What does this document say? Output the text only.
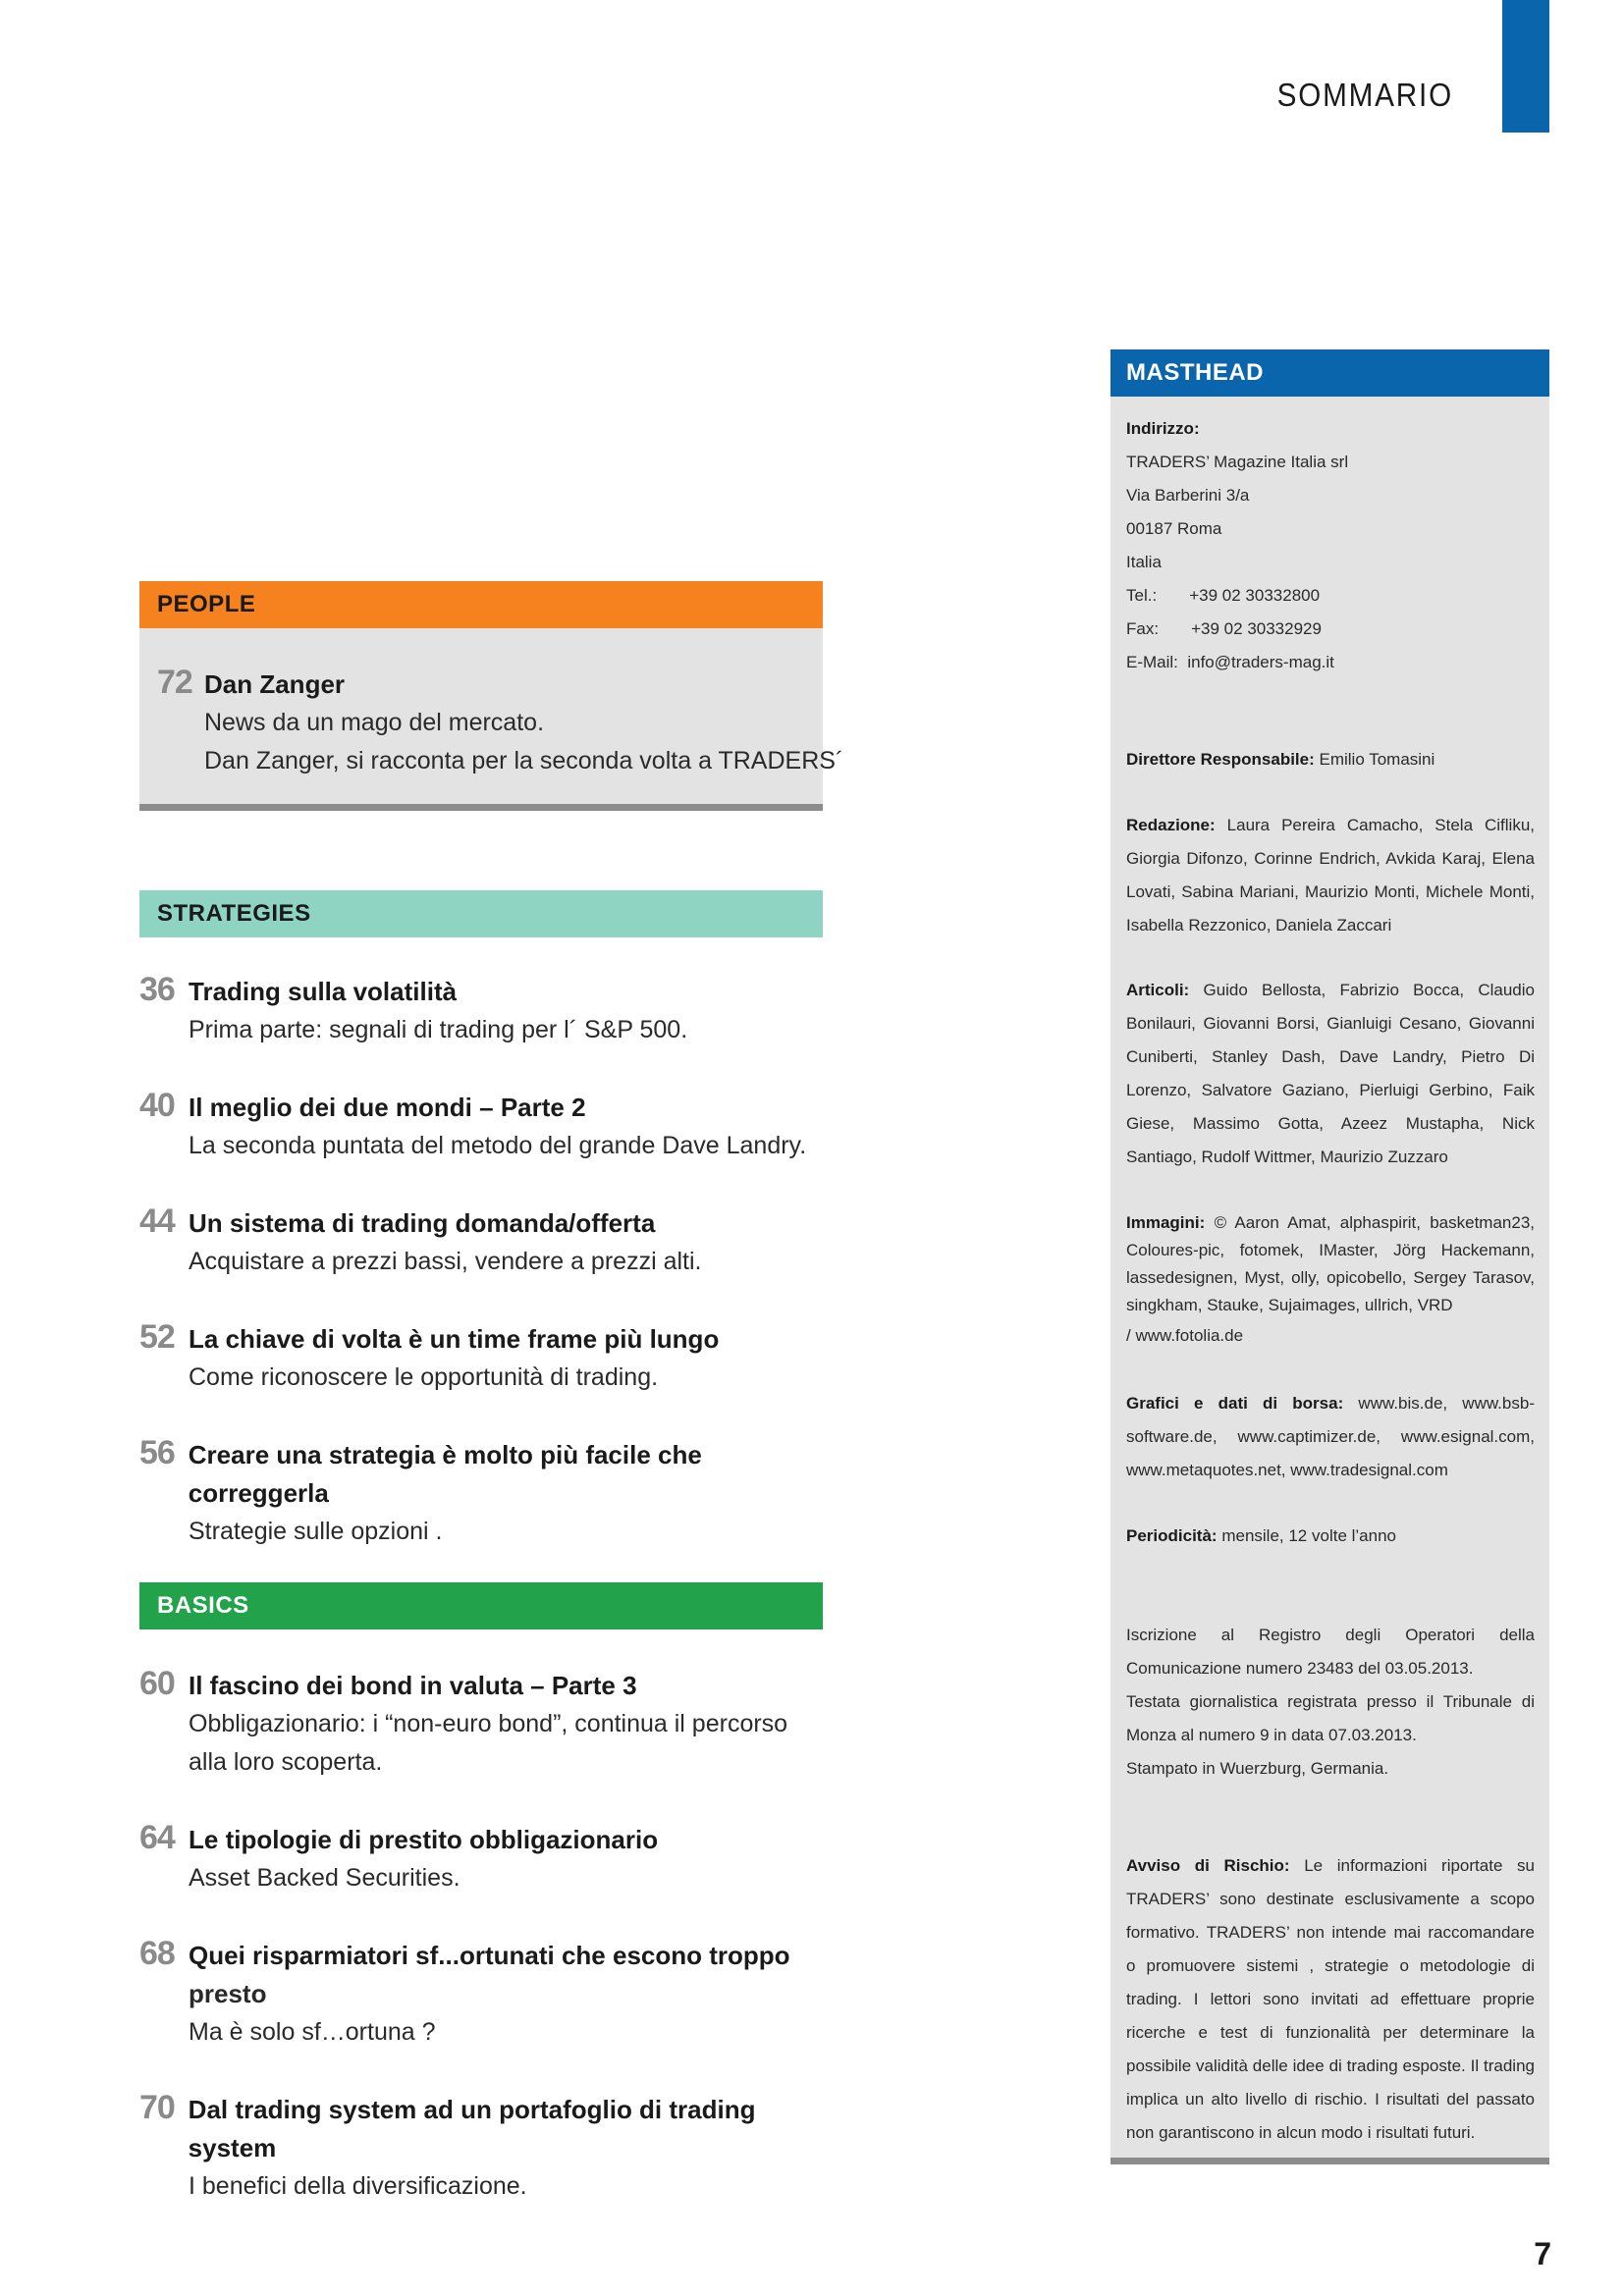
SOMMARIO
PEOPLE
72 Dan Zanger
News da un mago del mercato.
Dan Zanger, si racconta per la seconda volta a TRADERS´
STRATEGIES
36 Trading sulla volatilità
Prima parte: segnali di trading per l´ S&P 500.
40 Il meglio dei due mondi – Parte 2
La seconda puntata del metodo del grande Dave Landry.
44 Un sistema di trading domanda/offerta
Acquistare a prezzi bassi, vendere a prezzi alti.
52 La chiave di volta è un time frame più lungo
Come riconoscere le opportunità di trading.
56 Creare una strategia è molto più facile che correggerla
Strategie sulle opzioni .
BASICS
60 Il fascino dei bond in valuta – Parte 3
Obbligazionario: i “non-euro bond”, continua il percorso
alla loro scoperta.
64 Le tipologie di prestito obbligazionario
Asset Backed Securities.
68 Quei risparmiatori sf...ortunati che escono troppo
presto
Ma è solo sf…ortuna ?
70 Dal trading system ad un portafoglio di trading system
I benefici della diversificazione.
MASTHEAD
Indirizzo:
TRADERS’ Magazine Italia srl
Via Barberini 3/a
00187 Roma
Italia
Tel.:       +39 02 30332800
Fax:       +39 02 30332929
E-Mail:  info@traders-mag.it
Direttore Responsabile: Emilio Tomasini
Redazione: Laura Pereira Camacho, Stela Cifliku, Giorgia Difonzo, Corinne Endrich, Avkida Karaj, Elena Lovati, Sabina Mariani, Maurizio Monti, Michele Monti, Isabella Rezzonico, Daniela Zaccari
Articoli: Guido Bellosta, Fabrizio Bocca, Claudio Bonilauri, Giovanni Borsi, Gianluigi Cesano, Giovanni Cuniberti, Stanley Dash, Dave Landry, Pietro Di Lorenzo, Salvatore Gaziano, Pierluigi Gerbino, Faik Giese, Massimo Gotta, Azeez Mustapha, Nick Santiago, Rudolf Wittmer, Maurizio Zuzzaro
Immagini: © Aaron Amat, alphaspirit, basketman23, Coloures-pic, fotomek, IMaster, Jörg Hackemann, lassedesignen, Myst, olly, opicobello, Sergey Tarasov, singkham, Stauke, Sujaimages, ullrich, VRD
/ www.fotolia.de
Grafici e dati di borsa: www.bis.de, www.bsb-software.de, www.captimizer.de, www.esignal.com, www.metaquotes.net, www.tradesignal.com
Periodicità: mensile, 12 volte l’anno
Iscrizione al Registro degli Operatori della Comunicazione numero 23483 del 03.05.2013.
Testata giornalistica registrata presso il Tribunale di Monza al numero 9 in data 07.03.2013.
Stampato in Wuerzburg, Germania.
Avviso di Rischio: Le informazioni riportate su TRADERS’ sono destinate esclusivamente a scopo formativo. TRADERS’ non intende mai raccomandare o promuovere sistemi , strategie o metodologie di trading. I lettori sono invitati ad effettuare proprie ricerche e test di funzionalità per determinare la possibile validità delle idee di trading esposte. Il trading implica un alto livello di rischio. I risultati del passato non garantiscono in alcun modo i risultati futuri.
7
